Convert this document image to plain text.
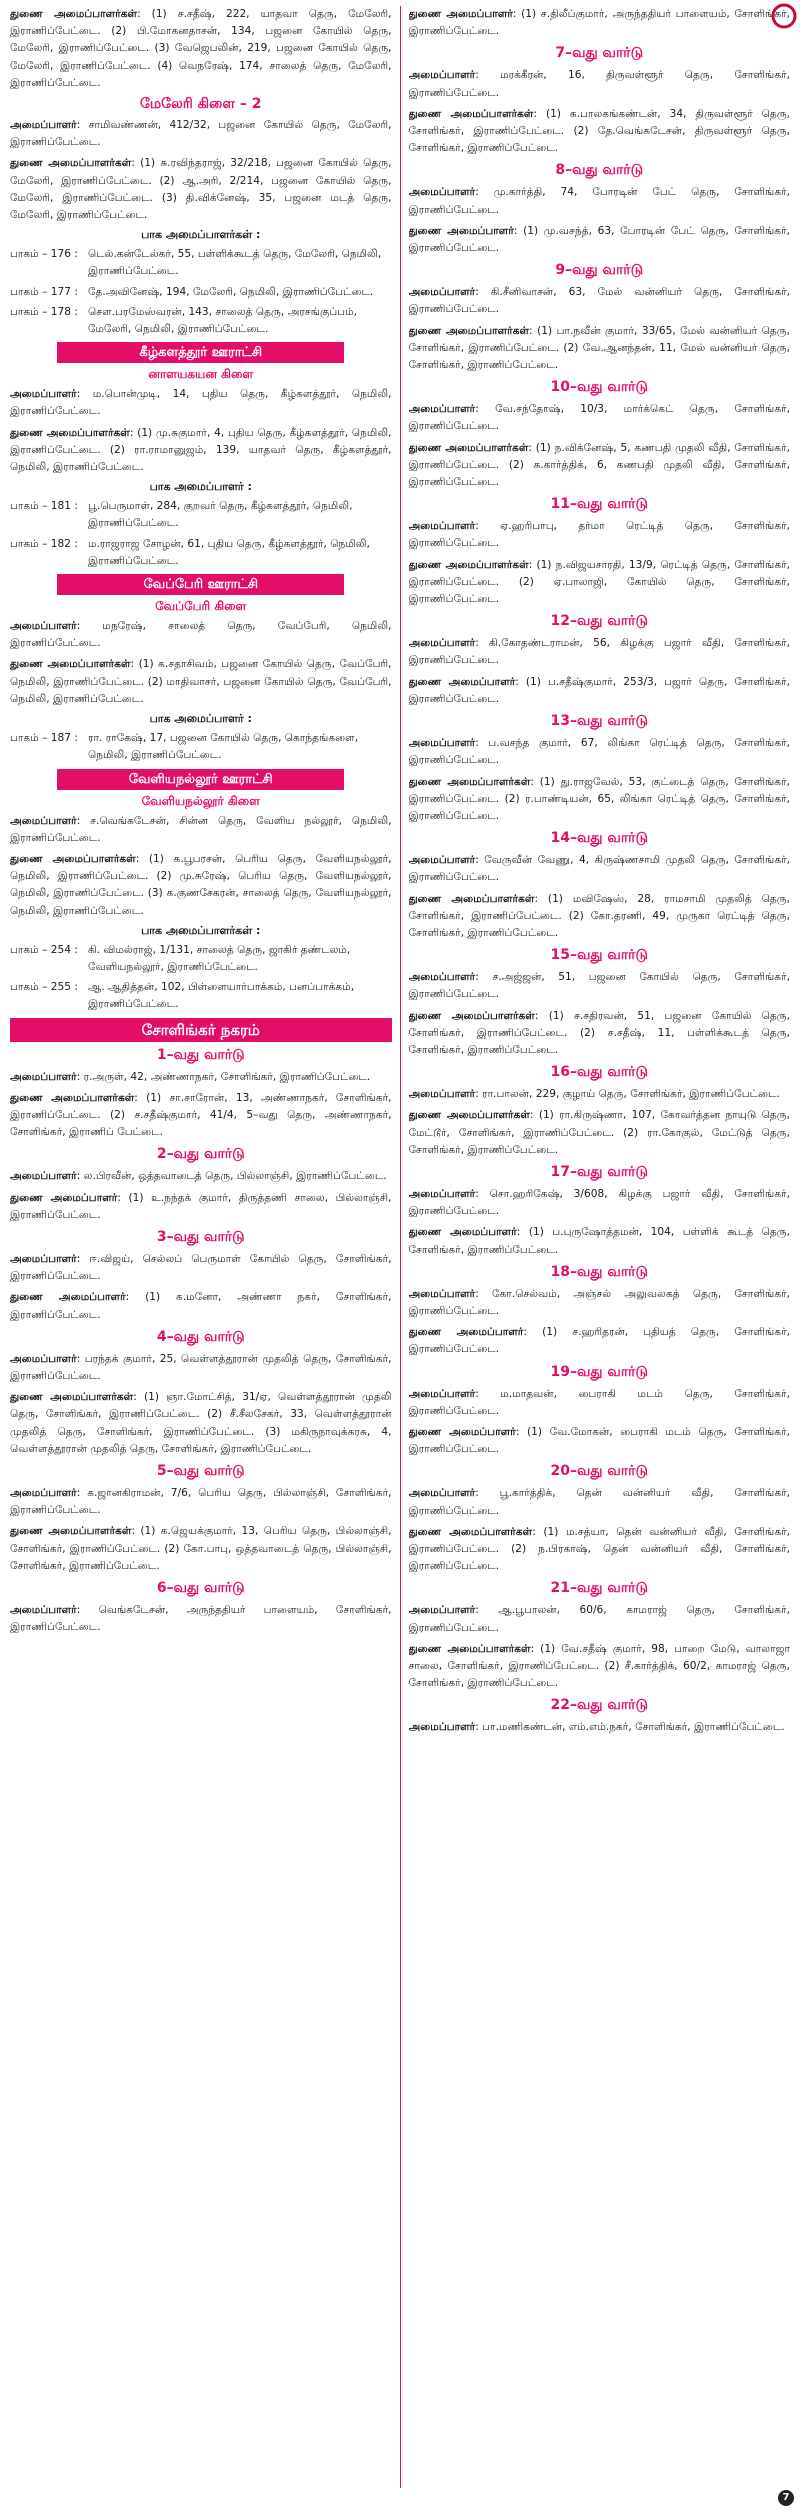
துணை அமைப்பாளர்கள்: (1) ச.சதீஷ், 222, யாதவா தெரு, மேலேரி, இராணிப்பேட்டை. (2) பி.மோகனதாசன், 134, பஜனை கோயில் தெரு, மேலேரி, இராணிப்பேட்டை. (3) வேஜெபலின், 219, பஜனை கோயில் தெரு, மேலேரி, இராணிப்பேட்டை. (4) வெநரேஷ், 174, சாலைத் தெரு, மேலேரி, இராணிப்பேட்டை.

மேலேரி கிளை – 2

அமைப்பாளர்: சாமிவண்ணன், 412/32, பஜனை கோயில் தெரு, மேலேரி, இராணிப்பேட்டை.

துணை அமைப்பாளர்கள்: (1) சு.ரவிந்தராஜ், 32/218, பஜனை கோயில் தெரு, மேலேரி, இராணிப்பேட்டை. (2) ஆ.அரி, 2/214, பஜனை கோயில் தெரு, மேலேரி, இராணிப்பேட்டை. (3) தி.விக்னேஷ், 35, பஜனை மடத் தெரு, மேலேரி, இராணிப்பேட்டை.

பாக அமைப்பாளர்கள் :
பாகம் – 176 : டெல்.கன்டேல்கர், 55, பள்ளிக்கூடத் தெரு, மேலேரி, நெமிலி, இராணிப்பேட்டை.
பாகம் – 177 : தே.அவினேஷ், 194, மேலேரி, நெமிலி, இராணிப்பேட்டை.
பாகம் – 178 : செள.பரமேஸ்வரன், 143, சாலைத் தெரு, அரசங்குப்பம், மேலேரி, நெமிலி, இராணிப்பேட்டை.
கீழ்களத்தூர் ஊராட்சி
னாளயகயன கிளை

அமைப்பாளர்: ம.பொன்முடி, 14, புதிய தெரு, கீழ்களத்தூர், நெமிலி, இராணிப்பேட்டை.

துணை அமைப்பாளர்கள்: (1) மு.சுகுமார், 4, புதிய தெரு, கீழ்களத்தூர், நெமிலி, இராணிப்பேட்டை. (2) ரா.ராமானுஜம், 139, யாதவர் தெரு, கீழ்களத்தூர், நெமிலி, இராணிப்பேட்டை.

பாக அமைப்பாளர் :
பாகம் – 181 : பூ.பெருமாள், 284, குறவர் தெரு, கீழ்களத்தூர், நெமிலி, இராணிப்பேட்டை.
பாகம் – 182 : ம.ராஜராஜ சோழன், 61, புதிய தெரு, கீழ்களத்தூர், நெமிலி, இராணிப்பேட்டை.
வேப்பேரி ஊராட்சி
வேப்பேரி கிளை

அமைப்பாளர்: மநரேஷ், சாலைத் தெரு, வேப்பேரி, நெமிலி, இராணிப்பேட்டை.

துணை அமைப்பாளர்கள்: (1) க.சதாசிவம், பஜனை கோயில் தெரு, வேப்பேரி, நெமிலி, இராணிப்பேட்டை. (2) மாதிவாசர், பஜனை கோயில் தெரு, வேப்பேரி, நெமிலி, இராணிப்பேட்டை.

பாக அமைப்பாளர் :
பாகம் – 187 : ரா. ராகேஷ், 17, பஜனை கோயில் தெரு, கொந்தங்களை, நெமிலி, இராணிப்பேட்டை.
வேளியநல்லூர் ஊராட்சி
வேளியநல்லூர் கிளை

அமைப்பாளர்: ச.வெங்கடேசன், சின்ன தெரு, வேளிய நல்லூர், நெமிலி, இராணிப்பேட்டை.

துணை அமைப்பாளர்கள்: (1) க.பூபரசன், பெரிய தெரு, வேளியநல்லூர், நெமிலி, இராணிப்பேட்டை. (2) மு.சுரேஷ், பெரிய தெரு, வேளியநல்லூர், நெமிலி, இராணிப்பேட்டை. (3) க.குணசேகரன், சாலைத் தெரு, வேளியநல்லூர், நெமிலி, இராணிப்பேட்டை.

பாக அமைப்பாளர்கள் :
பாகம் – 254 : கி. விமல்ராஜ், 1/131, சாலைத் தெரு, ஜாகிர் தண்டலம், வேளியநல்லூர், இராணிப்பேட்டை.
பாகம் – 255 : ஆ. ஆதித்தன், 102, பிள்ளையார்பாக்கம், பனப்பாக்கம், இராணிப்பேட்டை.
சோளிங்கர் நகரம்
1–வது வார்டு

அமைப்பாளர்: ர.அருள், 42, அண்ணாநகர், சோளிங்கர், இராணிப்பேட்டை.

துணை அமைப்பாளர்கள்: (1) சா.சாரோன், 13, அண்ணாநகர், சோளிங்கர், இராணிப்பேட்டை. (2) ச.சதீஷ்குமார், 41/4, 5–வது தெரு, அண்ணாநகர், சோளிங்கர், இராணிப் பேட்டை.

2–வது வார்டு

அமைப்பாளர்: ல.பிரவீன், ஒத்தவாடைத் தெரு, பில்லாஞ்சி, இராணிப்பேட்டை.

துணை அமைப்பாளர்: (1) உ.நந்தக் குமார், திருத்தணி சாலை, பில்லாஞ்சி, இராணிப்பேட்டை.

3–வது வார்டு

அமைப்பாளர்: ஈ.விஜய், செல்லப் பெருமாள் கோயில் தெரு, சோளிங்கர், இராணிப்பேட்டை.

துணை அமைப்பாளர்: (1) க.மனோ, அண்ணா நகர், சோளிங்கர், இராணிப்பேட்டை.

4–வது வார்டு

அமைப்பாளர்: பரந்தக் குமார், 25, வெள்ளத்தூரான் முதலித் தெரு, சோளிங்கர், இராணிப்பேட்டை.

துணை அமைப்பாளர்கள்: (1) ஞா.மோட்சித், 31/ஏ, வெள்ளத்தூரான் முதலி தெரு, சோளிங்கர், இராணிப்பேட்டை. (2) சீ.சீலசேகர், 33, வெள்ளத்தூரான் முதலித் தெரு, சோளிங்கர், இராணிப்பேட்டை. (3) மகிருநாவுக்கரசு, 4, வெள்ளத்தூரான் முதலித் தெரு, சோளிங்கர், இராணிப்பேட்டை.

5–வது வார்டு

அமைப்பாளர்: க.ஜானகிராமன், 7/6, பெரிய தெரு, பில்லாஞ்சி, சோளிங்கர், இராணிப்பேட்டை.

துணை அமைப்பாளர்கள்: (1) க.ஜெயக்குமார், 13, பெரிய தெரு, பில்லாஞ்சி, சோளிங்கர், இராணிப்பேட்டை. (2) கோ.பாபு, ஒத்தவாடைத் தெரு, பில்லாஞ்சி, சோளிங்கர், இராணிப்பேட்டை.

6–வது வார்டு

அமைப்பாளர்: வெங்கடேசன், அருந்ததியர் பாளையம், சோளிங்கர், இராணிப்பேட்டை.

துணை அமைப்பாளர்: (1) ச.திலீப்குமார், அருந்ததியர் பாளையம், சோளிங்கர், இராணிப்பேட்டை.

7–வது வார்டு

அமைப்பாளர்: மரக்கீரன், 16, திருவள்ளூர் தெரு, சோளிங்கர், இராணிப்பேட்டை.

துணை அமைப்பாளர்கள்: (1) க.பாலகங்கண்டன், 34, திருவள்ளூர் தெரு, சோளிங்கர், இராணிப்பேட்டை. (2) தே.வெங்கடேசன், திருவள்ளூர் தெரு, சோளிங்கர், இராணிப்பேட்டை.

8–வது வார்டு

அமைப்பாளர்: மு.கார்த்தி, 74, போரடின் பேட் தெரு, சோளிங்கர், இராணிப்பேட்டை.

துணை அமைப்பாளர்: (1) மு.வசந்த், 63, போரடின் பேட் தெரு, சோளிங்கர், இராணிப்பேட்டை.

9–வது வார்டு

அமைப்பாளர்: கி.சீனிவாசன், 63, மேல் வன்னியர் தெரு, சோளிங்கர், இராணிப்பேட்டை.

துணை அமைப்பாளர்கள்: (1) பா.நவீன் குமார், 33/65, மேல் வன்னியர் தெரு, சோளிங்கர், இராணிப்பேட்டை. (2) வே.ஆனந்தன், 11, மேல் வன்னியர் தெரு, சோளிங்கர், இராணிப்பேட்டை.

10–வது வார்டு

அமைப்பாளர்: வே.சந்தோஷ், 10/3, மார்க்கெட் தெரு, சோளிங்கர், இராணிப்பேட்டை.

துணை அமைப்பாளர்கள்: (1) ந.விக்னேஷ், 5, கணபதி முதலி வீதி, சோளிங்கர், இராணிப்பேட்டை. (2) க.கார்த்திக், 6, கணபதி முதலி வீதி, சோளிங்கர், இராணிப்பேட்டை.

11–வது வார்டு

அமைப்பாளர்: ஏ.ஹரிபாபு, தர்மா ரெட்டித் தெரு, சோளிங்கர், இராணிப்பேட்டை.

துணை அமைப்பாளர்கள்: (1) ந.விஜயசாரதி, 13/9, ரெட்டித் தெரு, சோளிங்கர், இராணிப்பேட்டை. (2) ஏ.பாலாஜி, கோயில் தெரு, சோளிங்கர், இராணிப்பேட்டை.

12–வது வார்டு

அமைப்பாளர்: கி.கோதண்டராமன், 56, கிழக்கு பஜார் வீதி, சோளிங்கர், இராணிப்பேட்டை.

துணை அமைப்பாளர்: (1) ப.சதீஷ்குமார், 253/3, பஜார் தெரு, சோளிங்கர், இராணிப்பேட்டை.

13–வது வார்டு

அமைப்பாளர்: ப.வசந்த குமார், 67, லிங்கா ரெட்டித் தெரு, சோளிங்கர், இராணிப்பேட்டை.

துணை அமைப்பாளர்கள்: (1) து.ராஜவேல், 53, குட்டைத் தெரு, சோளிங்கர், இராணிப்பேட்டை. (2) ர.பாண்டியன், 65, லிங்கா ரெட்டித் தெரு, சோளிங்கர், இராணிப்பேட்டை.

14–வது வார்டு

அமைப்பாளர்: வேருவீன் வேணு, 4, கிருஷ்ணசாமி முதலி தெரு, சோளிங்கர், இராணிப்பேட்டை.

துணை அமைப்பாளர்கள்: (1) மவிஷேஸ், 28, ராமசாமி முதலித் தெரு, சோளிங்கர், இராணிப்பேட்டை. (2) கோ.தரணி, 49, முருகா ரெட்டித் தெரு, சோளிங்கர், இராணிப்பேட்டை.

15–வது வார்டு

அமைப்பாளர்: ச.அஜ்ஜன், 51, பஜனை கோயில் தெரு, சோளிங்கர், இராணிப்பேட்டை.

துணை அமைப்பாளர்கள்: (1) ச.சதிரவன், 51, பஜனை கோயில் தெரு, சோளிங்கர், இராணிப்பேட்டை. (2) ச.சதீஷ், 11, பள்ளிக்கூடத் தெரு, சோளிங்கர், இராணிப்பேட்டை.

16–வது வார்டு

அமைப்பாளர்: ரா.பாலன், 229, குழாய் தெரு, சோளிங்கர், இராணிப்பேட்டை.

துணை அமைப்பாளர்கள்: (1) ரா.கிருஷ்ணா, 107, கோவர்த்தன நாயுடு தெரு, மேட்டூர், சோளிங்கர், இராணிப்பேட்டை. (2) ரா.கோகுல், மேட்டுத் தெரு, சோளிங்கர், இராணிப்பேட்டை.

17–வது வார்டு

அமைப்பாளர்: சொ.ஹரிகேஷ், 3/608, கிழக்கு பஜார் வீதி, சோளிங்கர், இராணிப்பேட்டை.

துணை அமைப்பாளர்: (1) ப.புருஷோத்தமன், 104, பள்ளிக் கூடத் தெரு, சோளிங்கர், இராணிப்பேட்டை.

18–வது வார்டு

அமைப்பாளர்: கோ.செல்வம், அஞ்சல் அலுவலகத் தெரு, சோளிங்கர், இராணிப்பேட்டை.

துணை அமைப்பாளர்: (1) ச.ஹரிதரன், புதியத் தெரு, சோளிங்கர், இராணிப்பேட்டை.

19–வது வார்டு

அமைப்பாளர்: ம.மாதவன், பைராகி மடம் தெரு, சோளிங்கர், இராணிப்பேட்டை.

துணை அமைப்பாளர்: (1) வே.மோகன், பைராகி மடம் தெரு, சோளிங்கர், இராணிப்பேட்டை.

20–வது வார்டு

அமைப்பாளர்: பூ.கார்த்திக், தென் வன்னியர் வீதி, சோளிங்கர், இராணிப்பேட்டை.

துணை அமைப்பாளர்கள்: (1) ம.சத்யா, தென் வன்னியர் வீதி, சோளிங்கர், இராணிப்பேட்டை. (2) ந.பிரகாஷ், தென் வன்னியர் வீதி, சோளிங்கர், இராணிப்பேட்டை.

21–வது வார்டு

அமைப்பாளர்: ஆ.பூபாலன், 60/6, காமராஜ் தெரு, சோளிங்கர், இராணிப்பேட்டை.

துணை அமைப்பாளர்கள்: (1) வே.சதீஷ் குமார், 98, பாறை மேடு, வாலாஜா சாலை, சோளிங்கர், இராணிப்பேட்டை. (2) சீ.கார்த்திக், 60/2, காமராஜ் தெரு, சோளிங்கர், இராணிப்பேட்டை.

22–வது வார்டு

அமைப்பாளர்: பா.மணிகண்டன், எம்.எம்.நகர், சோளிங்கர், இராணிப்பேட்டை.

7
